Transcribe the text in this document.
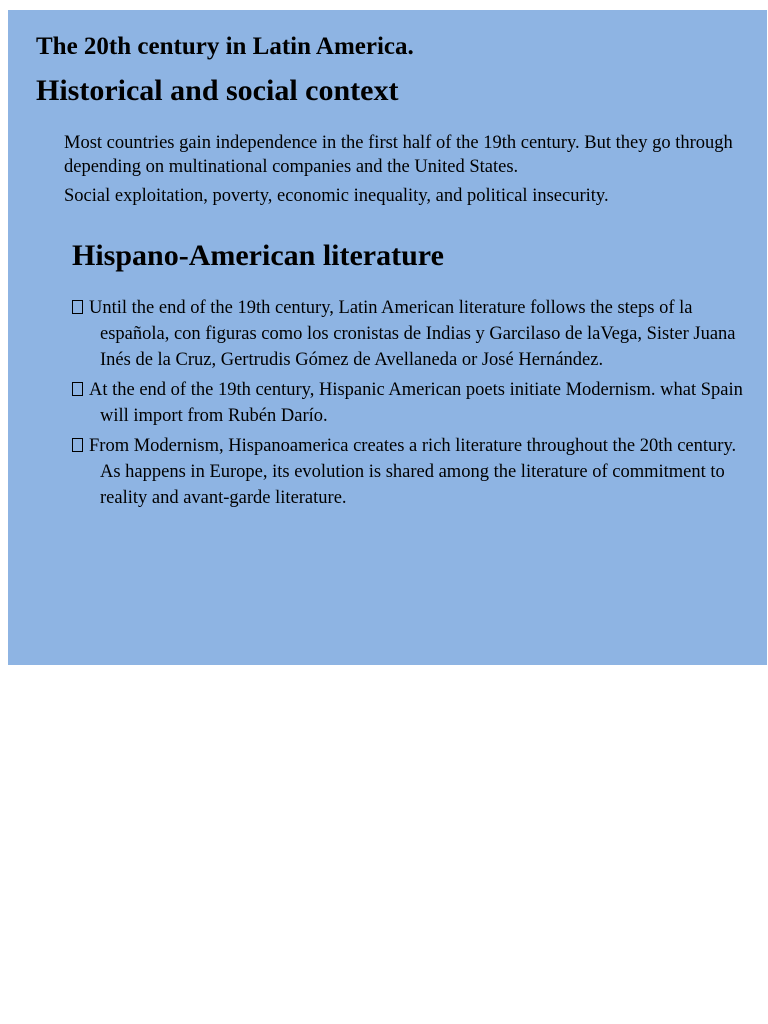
The 20th century in Latin America.
Historical and social context

Most countries gain independence in the first half of the 19th century. But they go through depending on multinational companies and the United States.

Social exploitation, poverty, economic inequality, and political insecurity.

Hispano-American literature
Until the end of the 19th century, Latin American literature follows the steps of la española, con figuras como los cronistas de Indias y Garcilaso de laVega, Sister Juana Inés de la Cruz, Gertrudis Gómez de Avellaneda or José Hernández.
At the end of the 19th century, Hispanic American poets initiate Modernism. what Spain will import from Rubén Darío.
From Modernism, Hispanoamerica creates a rich literature throughout the 20th century. As happens in Europe, its evolution is shared among the literature of commitment to reality and avant-garde literature.
